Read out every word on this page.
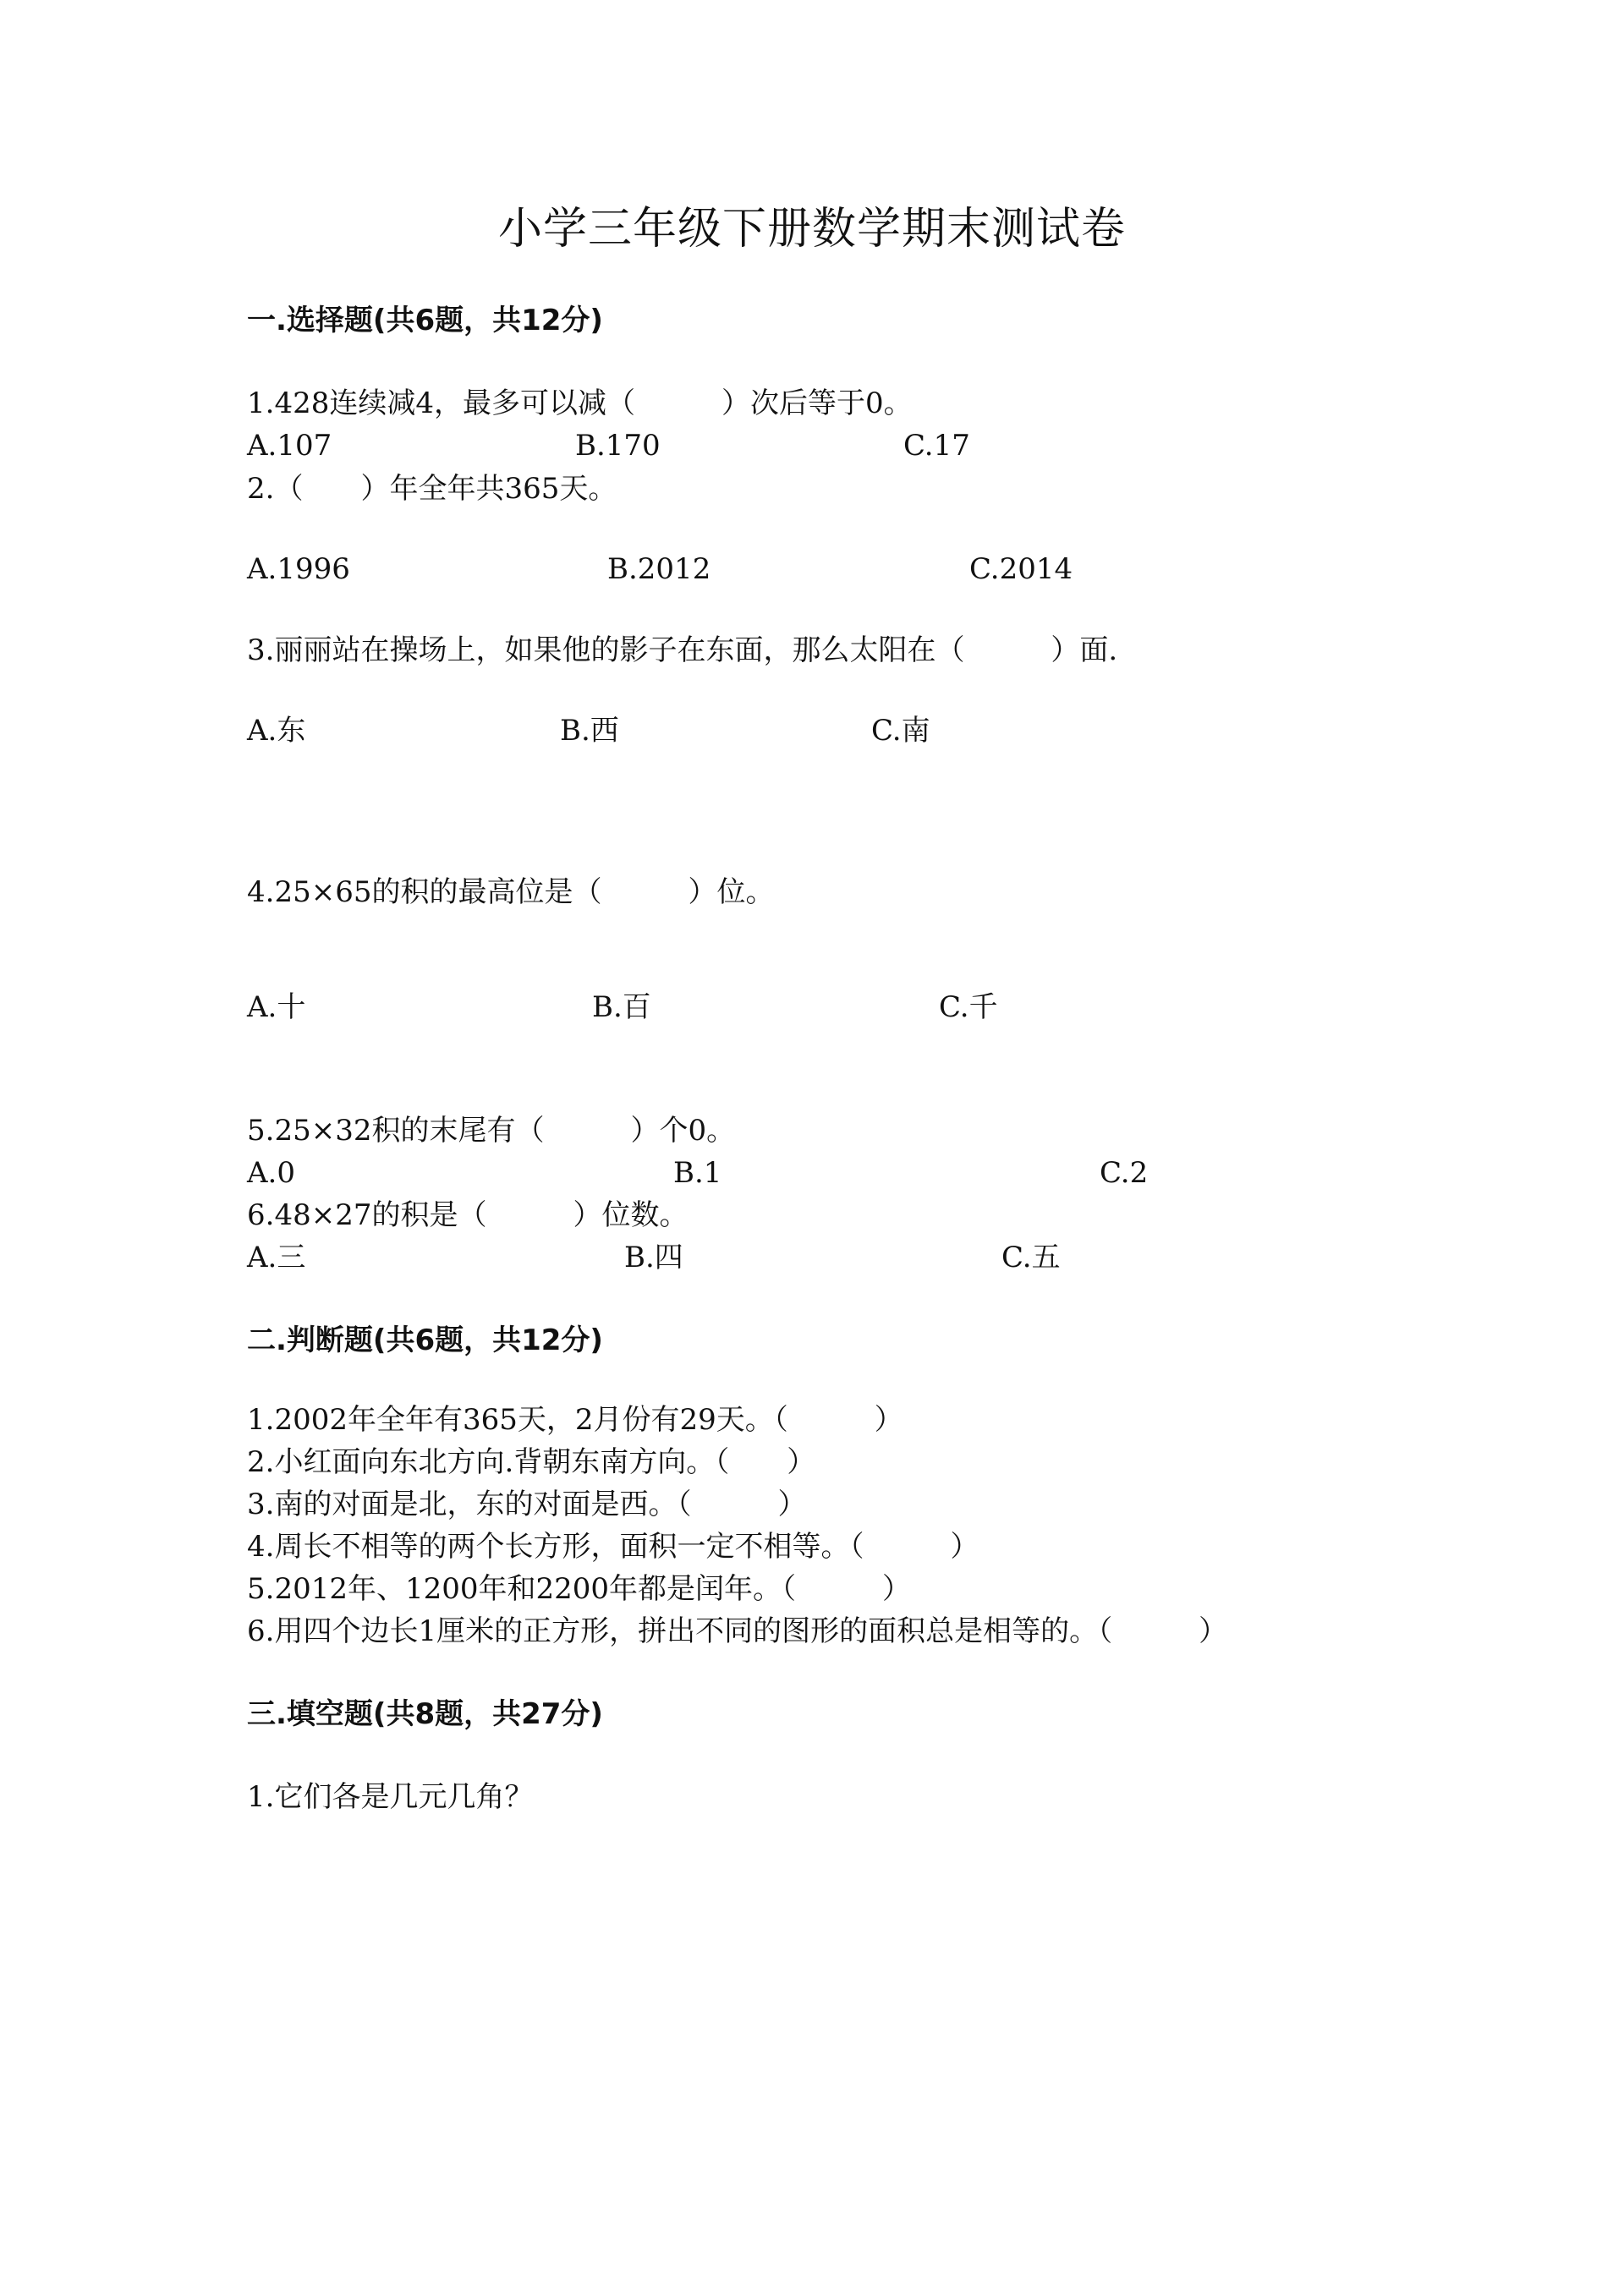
小学三年级下册数学期末测试卷
一.选择题(共6题，共12分)
1.428连续减4，最多可以减（　　　）次后等于0。
A.107	B.170	C.17
2.（　　）年全年共365天。
A.1996	B.2012	C.2014
3.丽丽站在操场上，如果他的影子在东面，那么太阳在（　　　）面.
A.东	B.西	C.南
4.25×65的积的最高位是（　　　）位。
A.十	B.百	C.千
5.25×32积的末尾有（　　　）个0。
A.0	B.1	C.2
6.48×27的积是（　　　）位数。
A.三	B.四	C.五
二.判断题(共6题，共12分)
1.2002年全年有365天，2月份有29天。（　　　）
2.小红面向东北方向.背朝东南方向。（　　）
3.南的对面是北，东的对面是西。（　　　）
4.周长不相等的两个长方形，面积一定不相等。（　　　）
5.2012年、1200年和2200年都是闰年。（　　　）
6.用四个边长1厘米的正方形，拼出不同的图形的面积总是相等的。（　　　）
三.填空题(共8题，共27分)
1.它们各是几元几角？
